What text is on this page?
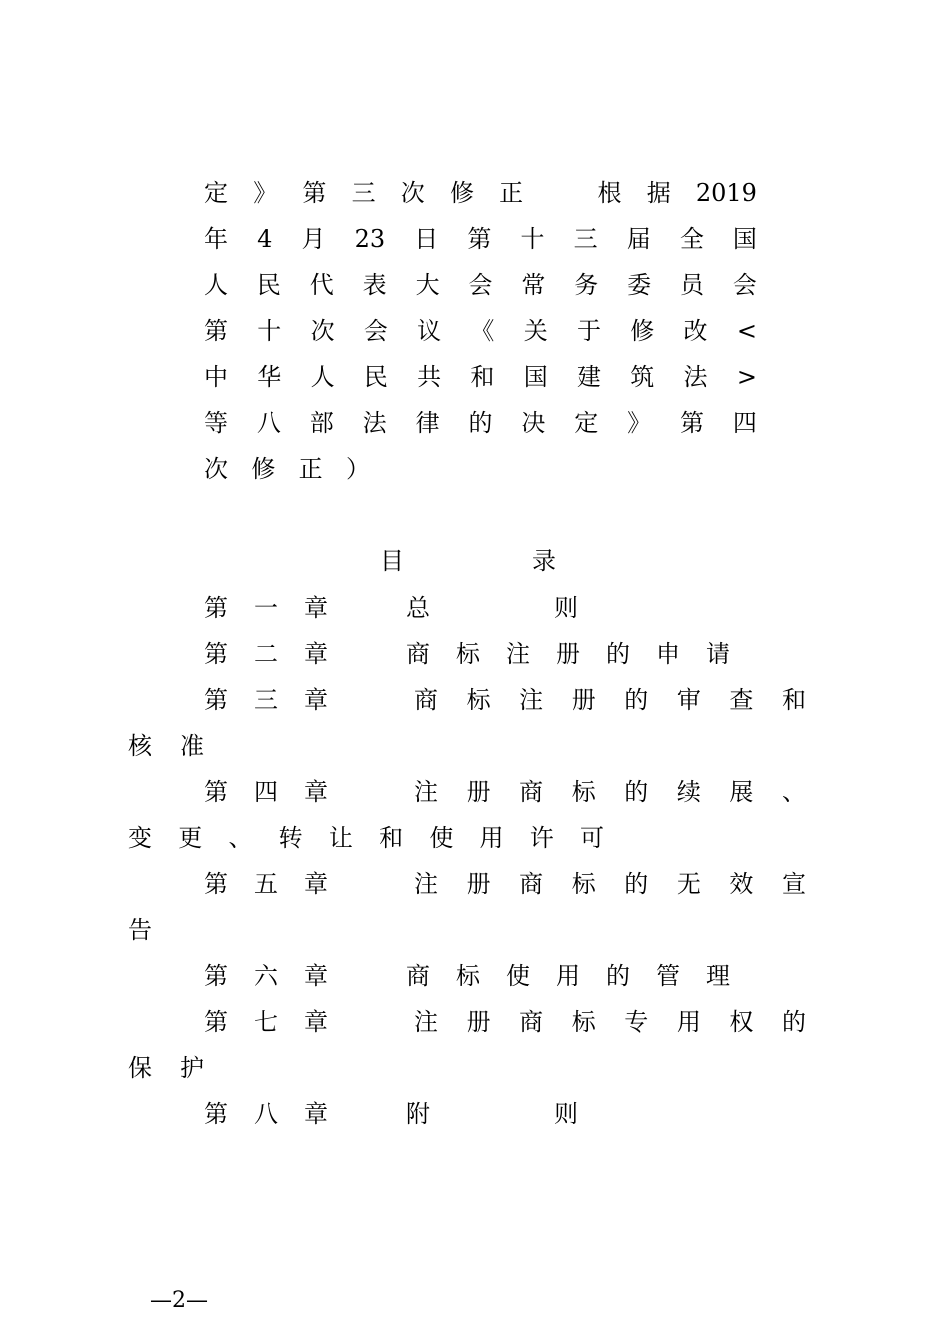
定 》 第 三 次 修 正
　	根 据 2019
年 4 月 23 日 第 十 三 届 全 国
人 民 代 表 大 会 常 务 委 员 会
第 十 次 会 议 《 关 于 修 改 <
中 华 人 民 共 和 国 建 筑 法 >
等 八 部 法 律 的 决 定 》 第 四
次 修 正 ）
目	录
第 一 章	总	则
第 二 章	商 标 注 册 的 申 请
第 三 章	商 标 注 册 的 审 查 和
核 准
第 四 章	注 册 商 标 的 续 展 、
变 更 、 转 让 和 使 用 许 可
第 五 章	注 册 商 标 的 无 效 宣
告
第 六 章	商 标 使 用 的 管 理
第 七 章	注 册 商 标 专 用 权 的
保 护
第 八 章	附	则
—2—
